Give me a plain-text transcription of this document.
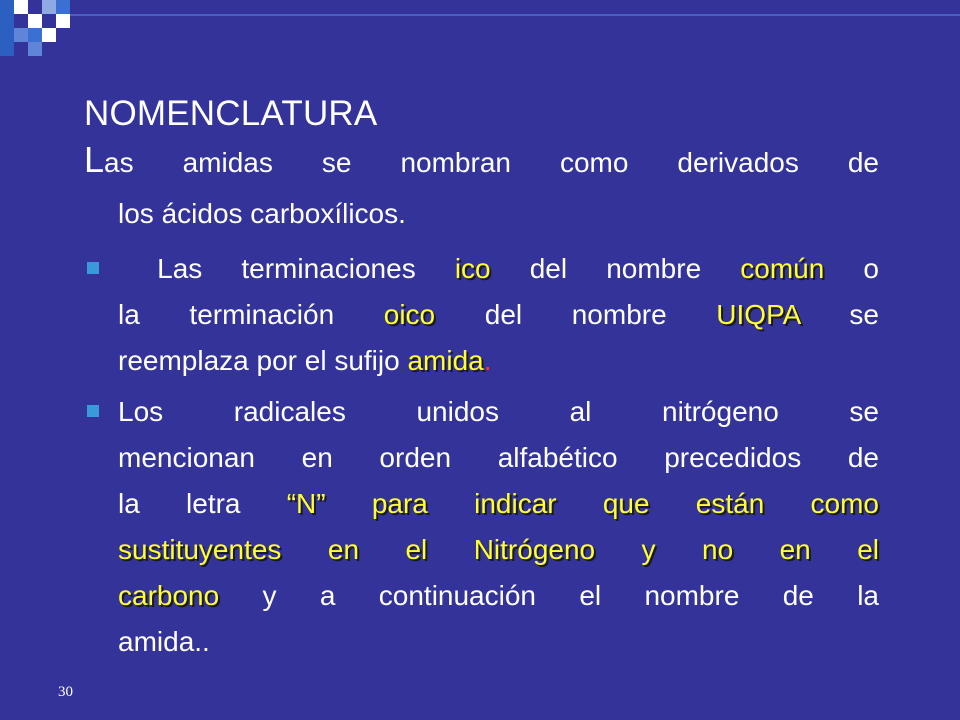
NOMENCLATURA
Las amidas se nombran como derivados de
los ácidos carboxílicos.
Las terminaciones ico del nombre común o
la terminación oico del nombre UIQPA se
reemplaza por el sufijo amida.
Los radicales unidos al nitrógeno se
mencionan en orden alfabético precedidos de
la letra “N” para indicar que están como
sustituyentes en el Nitrógeno y no en el
carbono y a continuación el nombre de la
amida..
30
